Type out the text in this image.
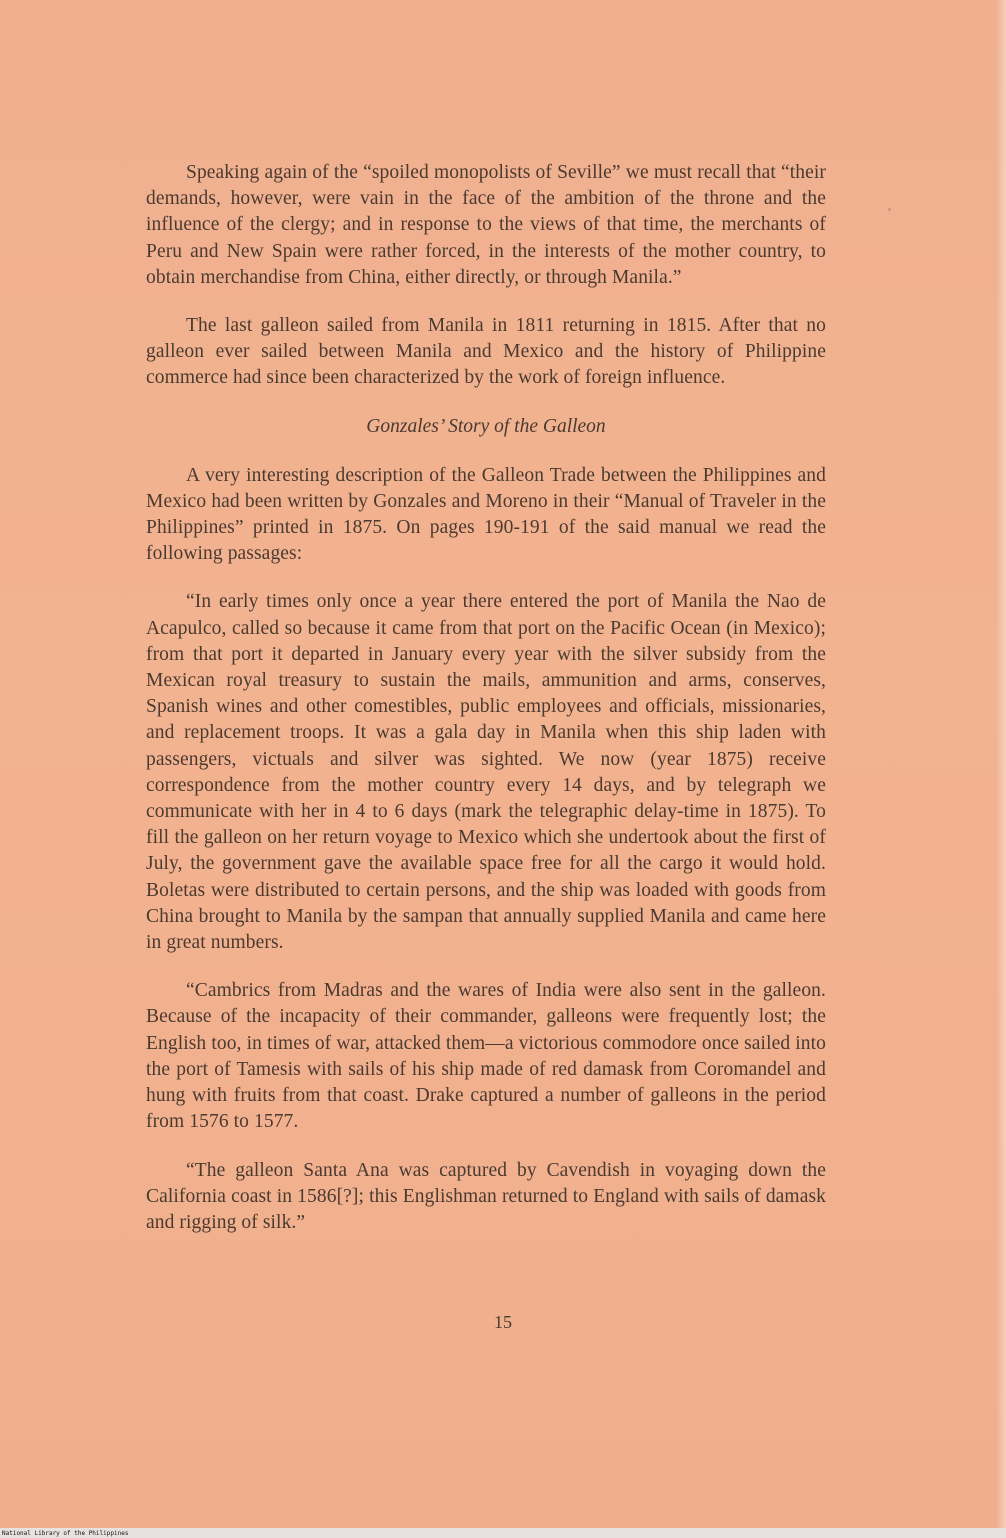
Speaking again of the “spoiled monopolists of Seville” we must recall that “their demands, however, were vain in the face of the ambition of the throne and the influence of the clergy; and in response to the views of that time, the merchants of Peru and New Spain were rather forced, in the interests of the mother country, to obtain merchandise from China, either directly, or through Manila.”

The last galleon sailed from Manila in 1811 returning in 1815. After that no galleon ever sailed between Manila and Mexico and the history of Philippine commerce had since been characterized by the work of foreign influence.

Gonzales’ Story of the Galleon

A very interesting description of the Galleon Trade between the Philippines and Mexico had been written by Gonzales and Moreno in their “Manual of Traveler in the Philippines” printed in 1875. On pages 190-191 of the said manual we read the following passages:

“In early times only once a year there entered the port of Manila the Nao de Acapulco, called so because it came from that port on the Pacific Ocean (in Mexico); from that port it departed in January every year with the silver subsidy from the Mexican royal treasury to sustain the mails, ammunition and arms, conserves, Spanish wines and other comestibles, public employees and officials, missionaries, and replacement troops. It was a gala day in Manila when this ship laden with passengers, victuals and silver was sighted. We now (year 1875) receive correspondence from the mother country every 14 days, and by telegraph we communicate with her in 4 to 6 days (mark the telegraphic delay-time in 1875). To fill the galleon on her return voyage to Mexico which she undertook about the first of July, the government gave the available space free for all the cargo it would hold. Boletas were distributed to certain persons, and the ship was loaded with goods from China brought to Manila by the sampan that annually supplied Manila and came here in great numbers.

“Cambrics from Madras and the wares of India were also sent in the galleon. Because of the incapacity of their commander, galleons were frequently lost; the English too, in times of war, attacked them—a victorious commodore once sailed into the port of Tamesis with sails of his ship made of red damask from Coromandel and hung with fruits from that coast. Drake captured a number of galleons in the period from 1576 to 1577.

“The galleon Santa Ana was captured by Cavendish in voyaging down the California coast in 1586[?]; this Englishman returned to England with sails of damask and rigging of silk.”

15
National Library of the Philippines
